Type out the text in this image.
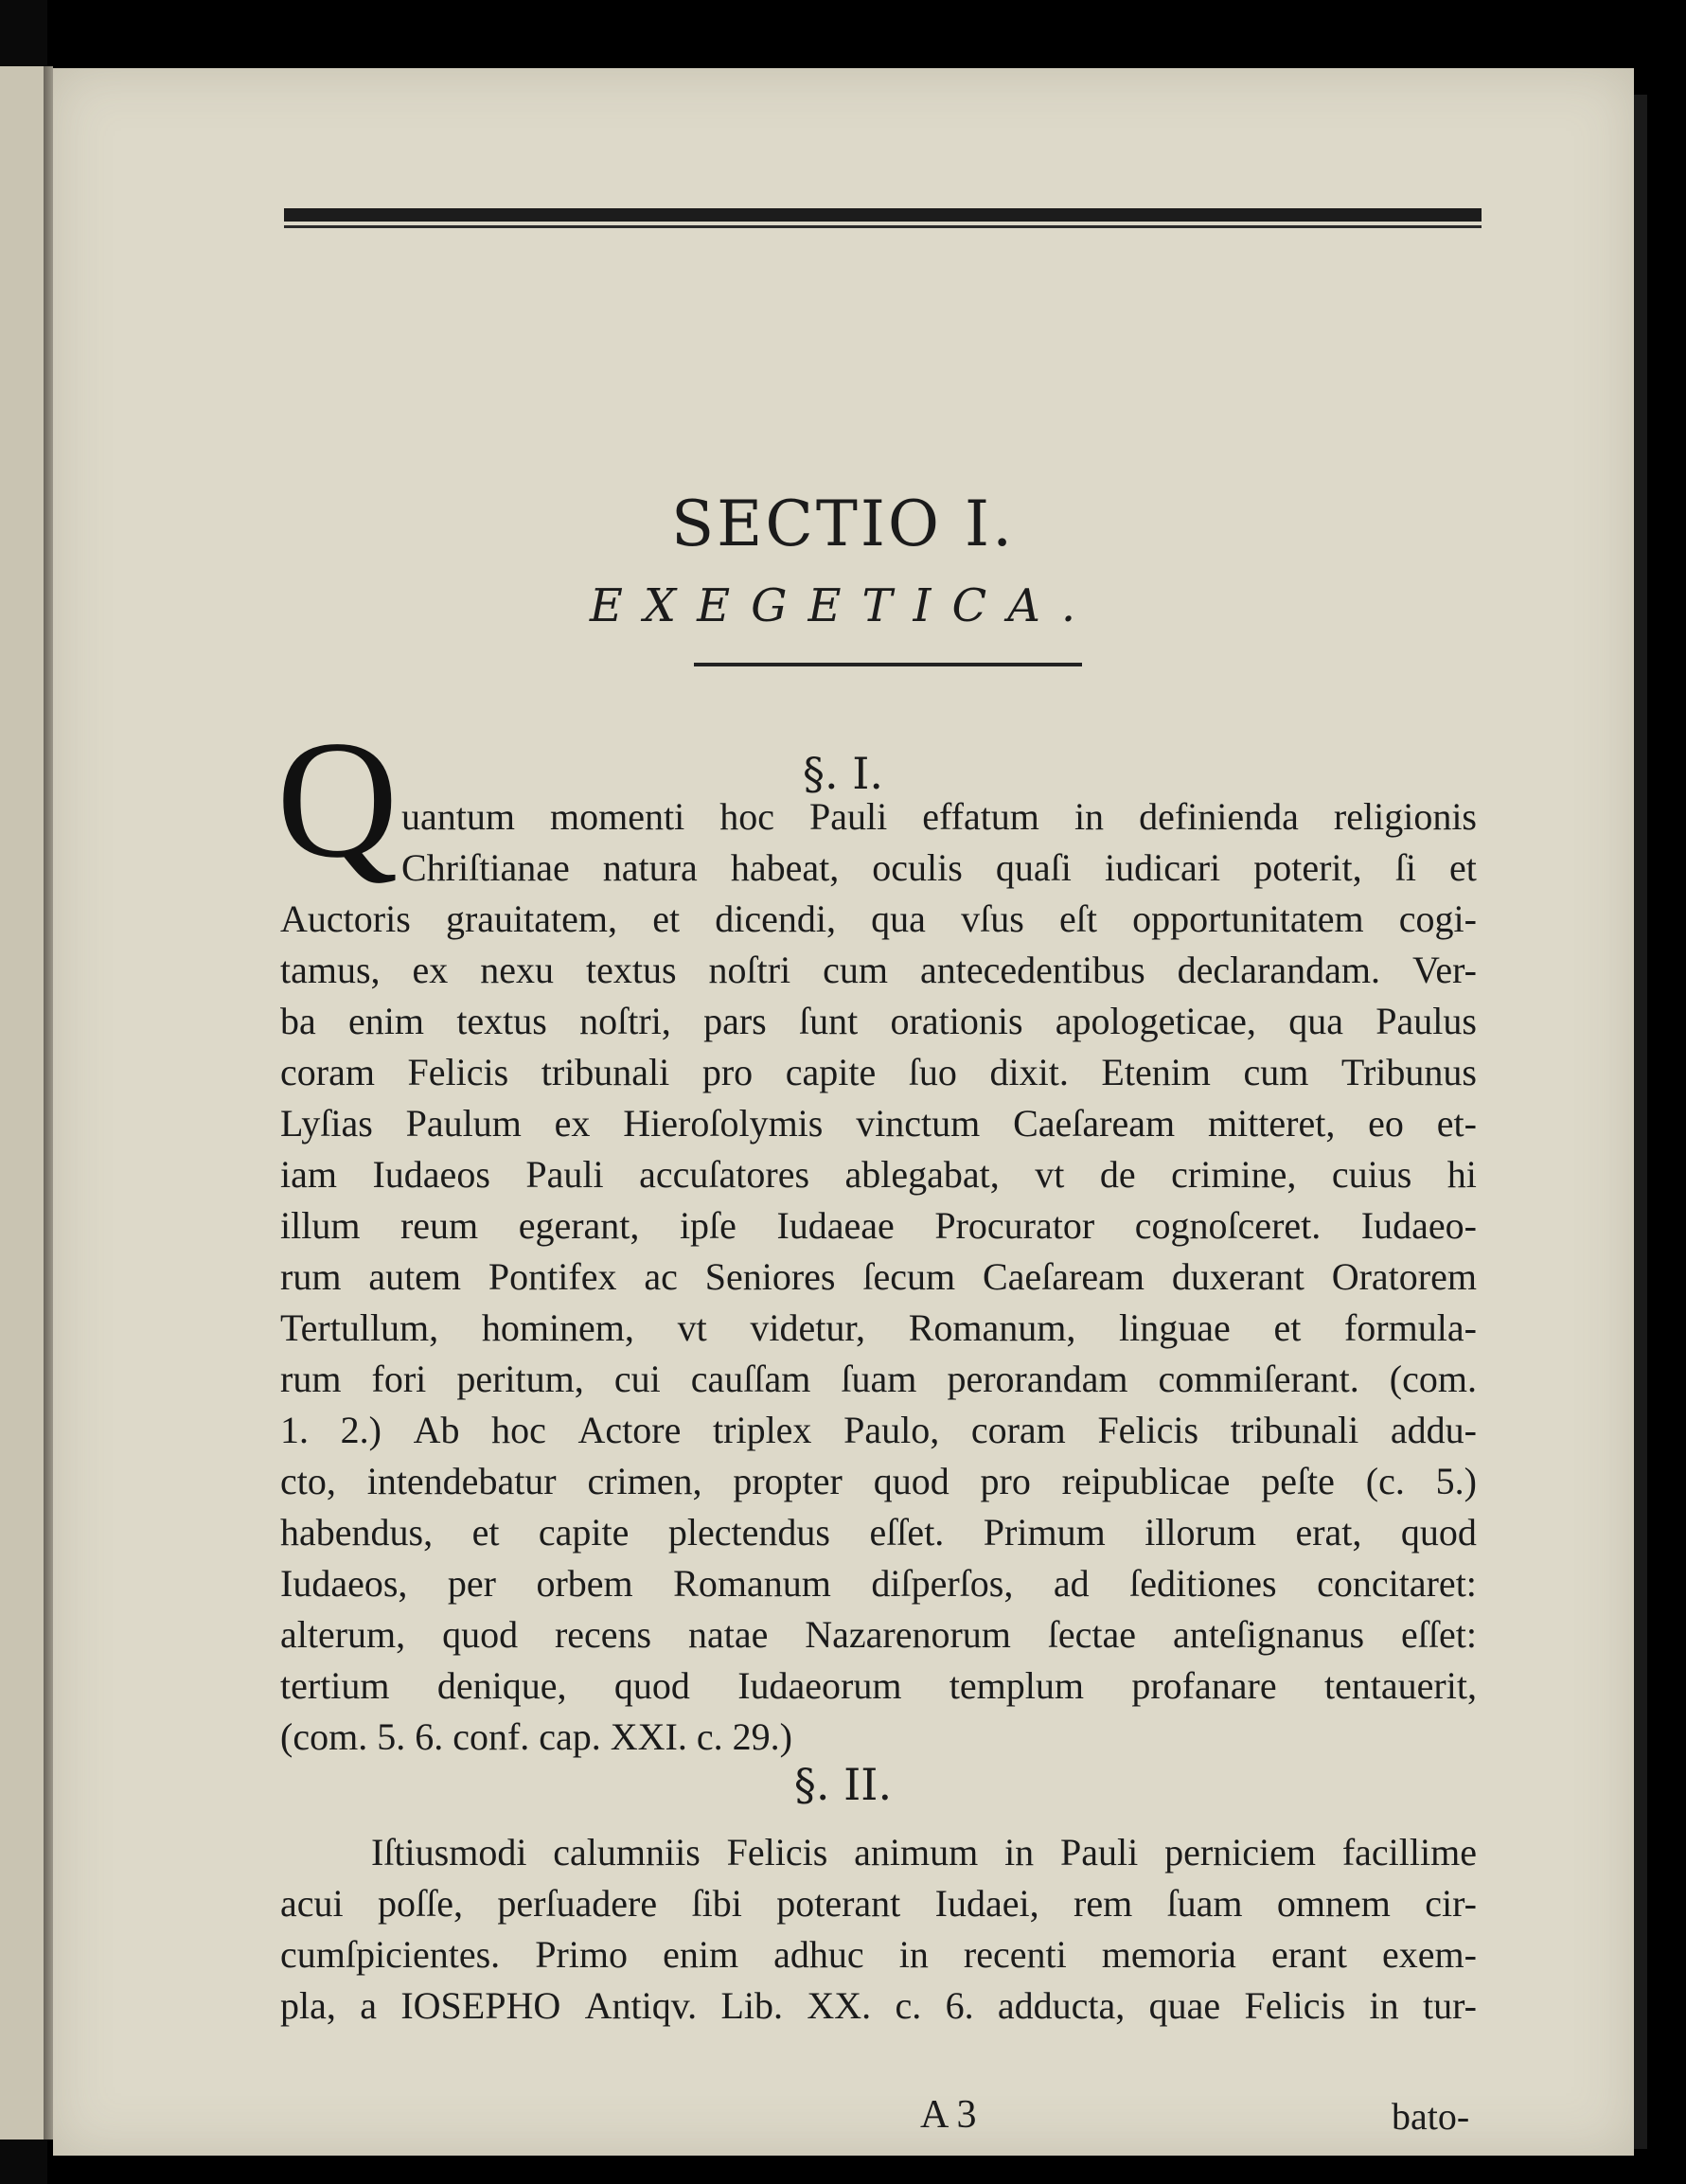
SECTIO I.
EXEGETICA.
§. I.
Q uantum momenti hoc Pauli effatum in definienda religionis
Chriſtianae natura habeat, oculis quaſi iudicari poterit, ſi et
Auctoris grauitatem, et dicendi, qua vſus eſt opportunitatem cogi-
tamus, ex nexu textus noſtri cum antecedentibus declarandam. Ver-
ba enim textus noſtri, pars ſunt orationis apologeticae, qua Paulus
coram Felicis tribunali pro capite ſuo dixit. Etenim cum Tribunus
Lyſias Paulum ex Hieroſolymis vinctum Caeſaream mitteret, eo et-
iam Iudaeos Pauli accuſatores ablegabat, vt de crimine, cuius hi
illum reum egerant, ipſe Iudaeae Procurator cognoſceret. Iudaeo-
rum autem Pontifex ac Seniores ſecum Caeſaream duxerant Oratorem
Tertullum, hominem, vt videtur, Romanum, linguae et formula-
rum fori peritum, cui cauſſam ſuam perorandam commiſerant. (com.
1. 2.) Ab hoc Actore triplex Paulo, coram Felicis tribunali addu-
cto, intendebatur crimen, propter quod pro reipublicae peſte (c. 5.)
habendus, et capite plectendus eſſet. Primum illorum erat, quod
Iudaeos, per orbem Romanum diſperſos, ad ſeditiones concitaret:
alterum, quod recens natae Nazarenorum ſectae anteſignanus eſſet:
tertium denique, quod Iudaeorum templum profanare tentauerit,
(com. 5. 6. conf. cap. XXI. c. 29.)
§. II.
Iſtiusmodi calumniis Felicis animum in Pauli perniciem facillime
acui poſſe, perſuadere ſibi poterant Iudaei, rem ſuam omnem cir-
cumſpicientes. Primo enim adhuc in recenti memoria erant exem-
pla, a IOSEPHO Antiqv. Lib. XX. c. 6. adducta, quae Felicis in tur-
A 3	bato-
